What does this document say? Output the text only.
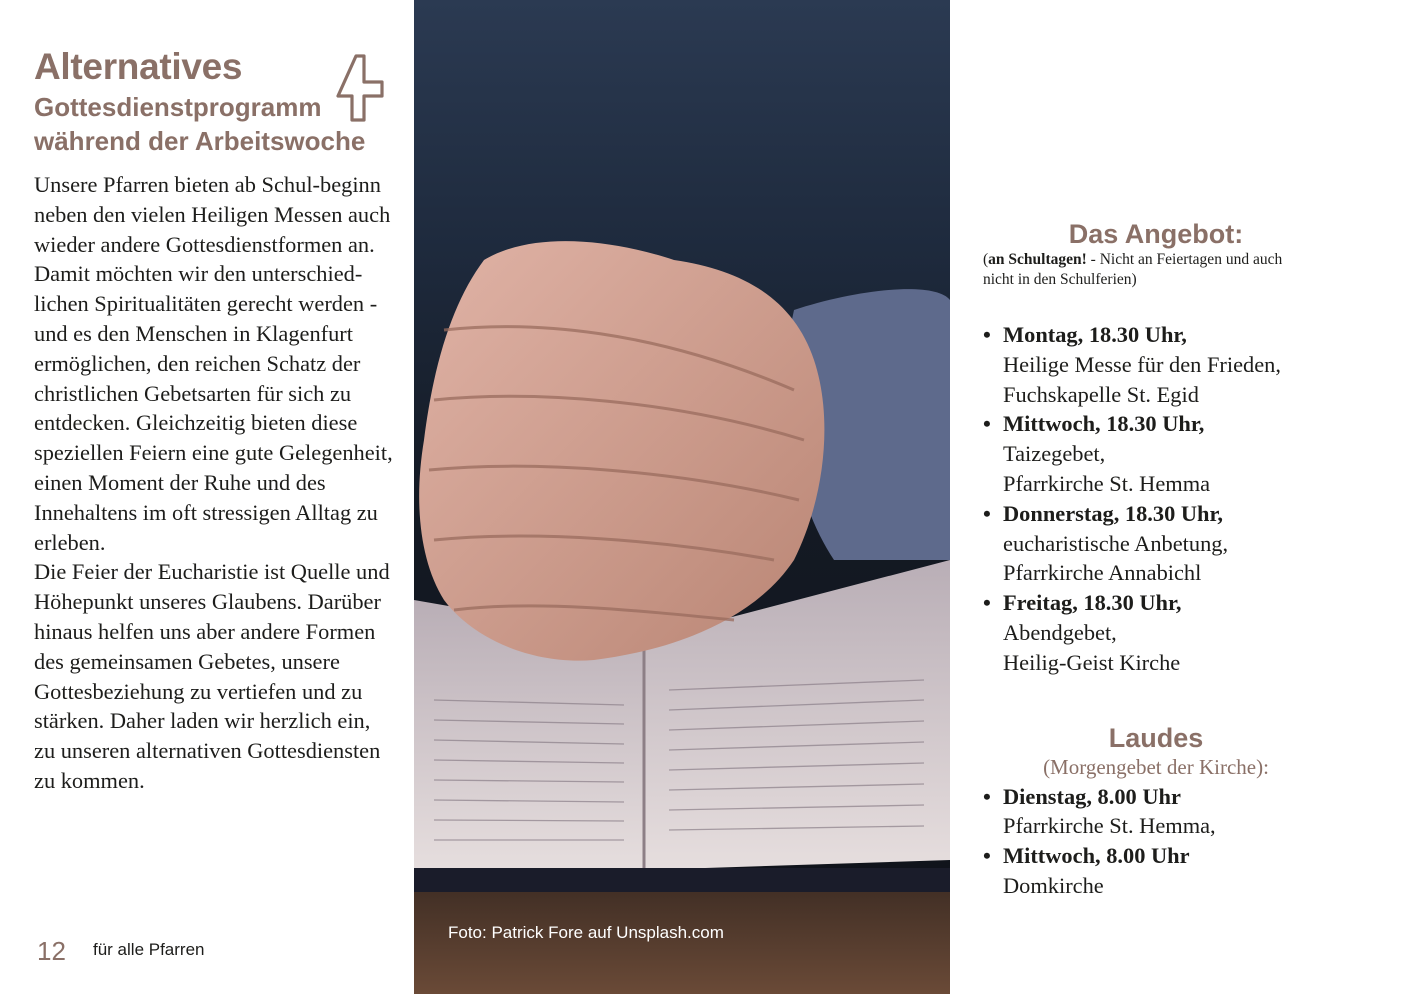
Alternatives
Gottesdienstprogramm während der Arbeitswoche

Unsere Pfarren bieten ab Schul-beginn neben den vielen Heiligen Messen auch wieder andere Gottesdienstformen an. Damit möchten wir den unterschied-lichen Spiritualitäten gerecht werden - und es den Menschen in Klagenfurt ermöglichen, den reichen Schatz der christlichen Gebetsarten für sich zu entdecken. Gleichzeitig bieten diese speziellen Feiern eine gute Gelegenheit, einen Moment der Ruhe und des Innehaltens im oft stressigen Alltag zu erleben.

Die Feier der Eucharistie ist Quelle und Höhepunkt unseres Glaubens. Darüber hinaus helfen uns aber andere Formen des gemeinsamen Gebetes, unsere Gottesbeziehung zu vertiefen und zu stärken. Daher laden wir herzlich ein, zu unseren alternativen Gottesdiensten zu kommen.

12 für alle Pfarren
Foto: Patrick Fore auf Unsplash.com
Das Angebot:

(an Schultagen! - Nicht an Feiertagen und auch nicht in den Schulferien)

• Montag, 18.30 Uhr,
Heilige Messe für den Frieden,
Fuchskapelle St. Egid
• Mittwoch, 18.30 Uhr,
Taizegebet,
Pfarrkirche St. Hemma
• Donnerstag, 18.30 Uhr,
eucharistische Anbetung,
Pfarrkirche Annabichl
• Freitag, 18.30 Uhr,
Abendgebet,
Heilig-Geist Kirche
Laudes

(Morgengebet der Kirche):

• Dienstag, 8.00 Uhr
Pfarrkirche St. Hemma,
• Mittwoch, 8.00 Uhr
Domkirche
